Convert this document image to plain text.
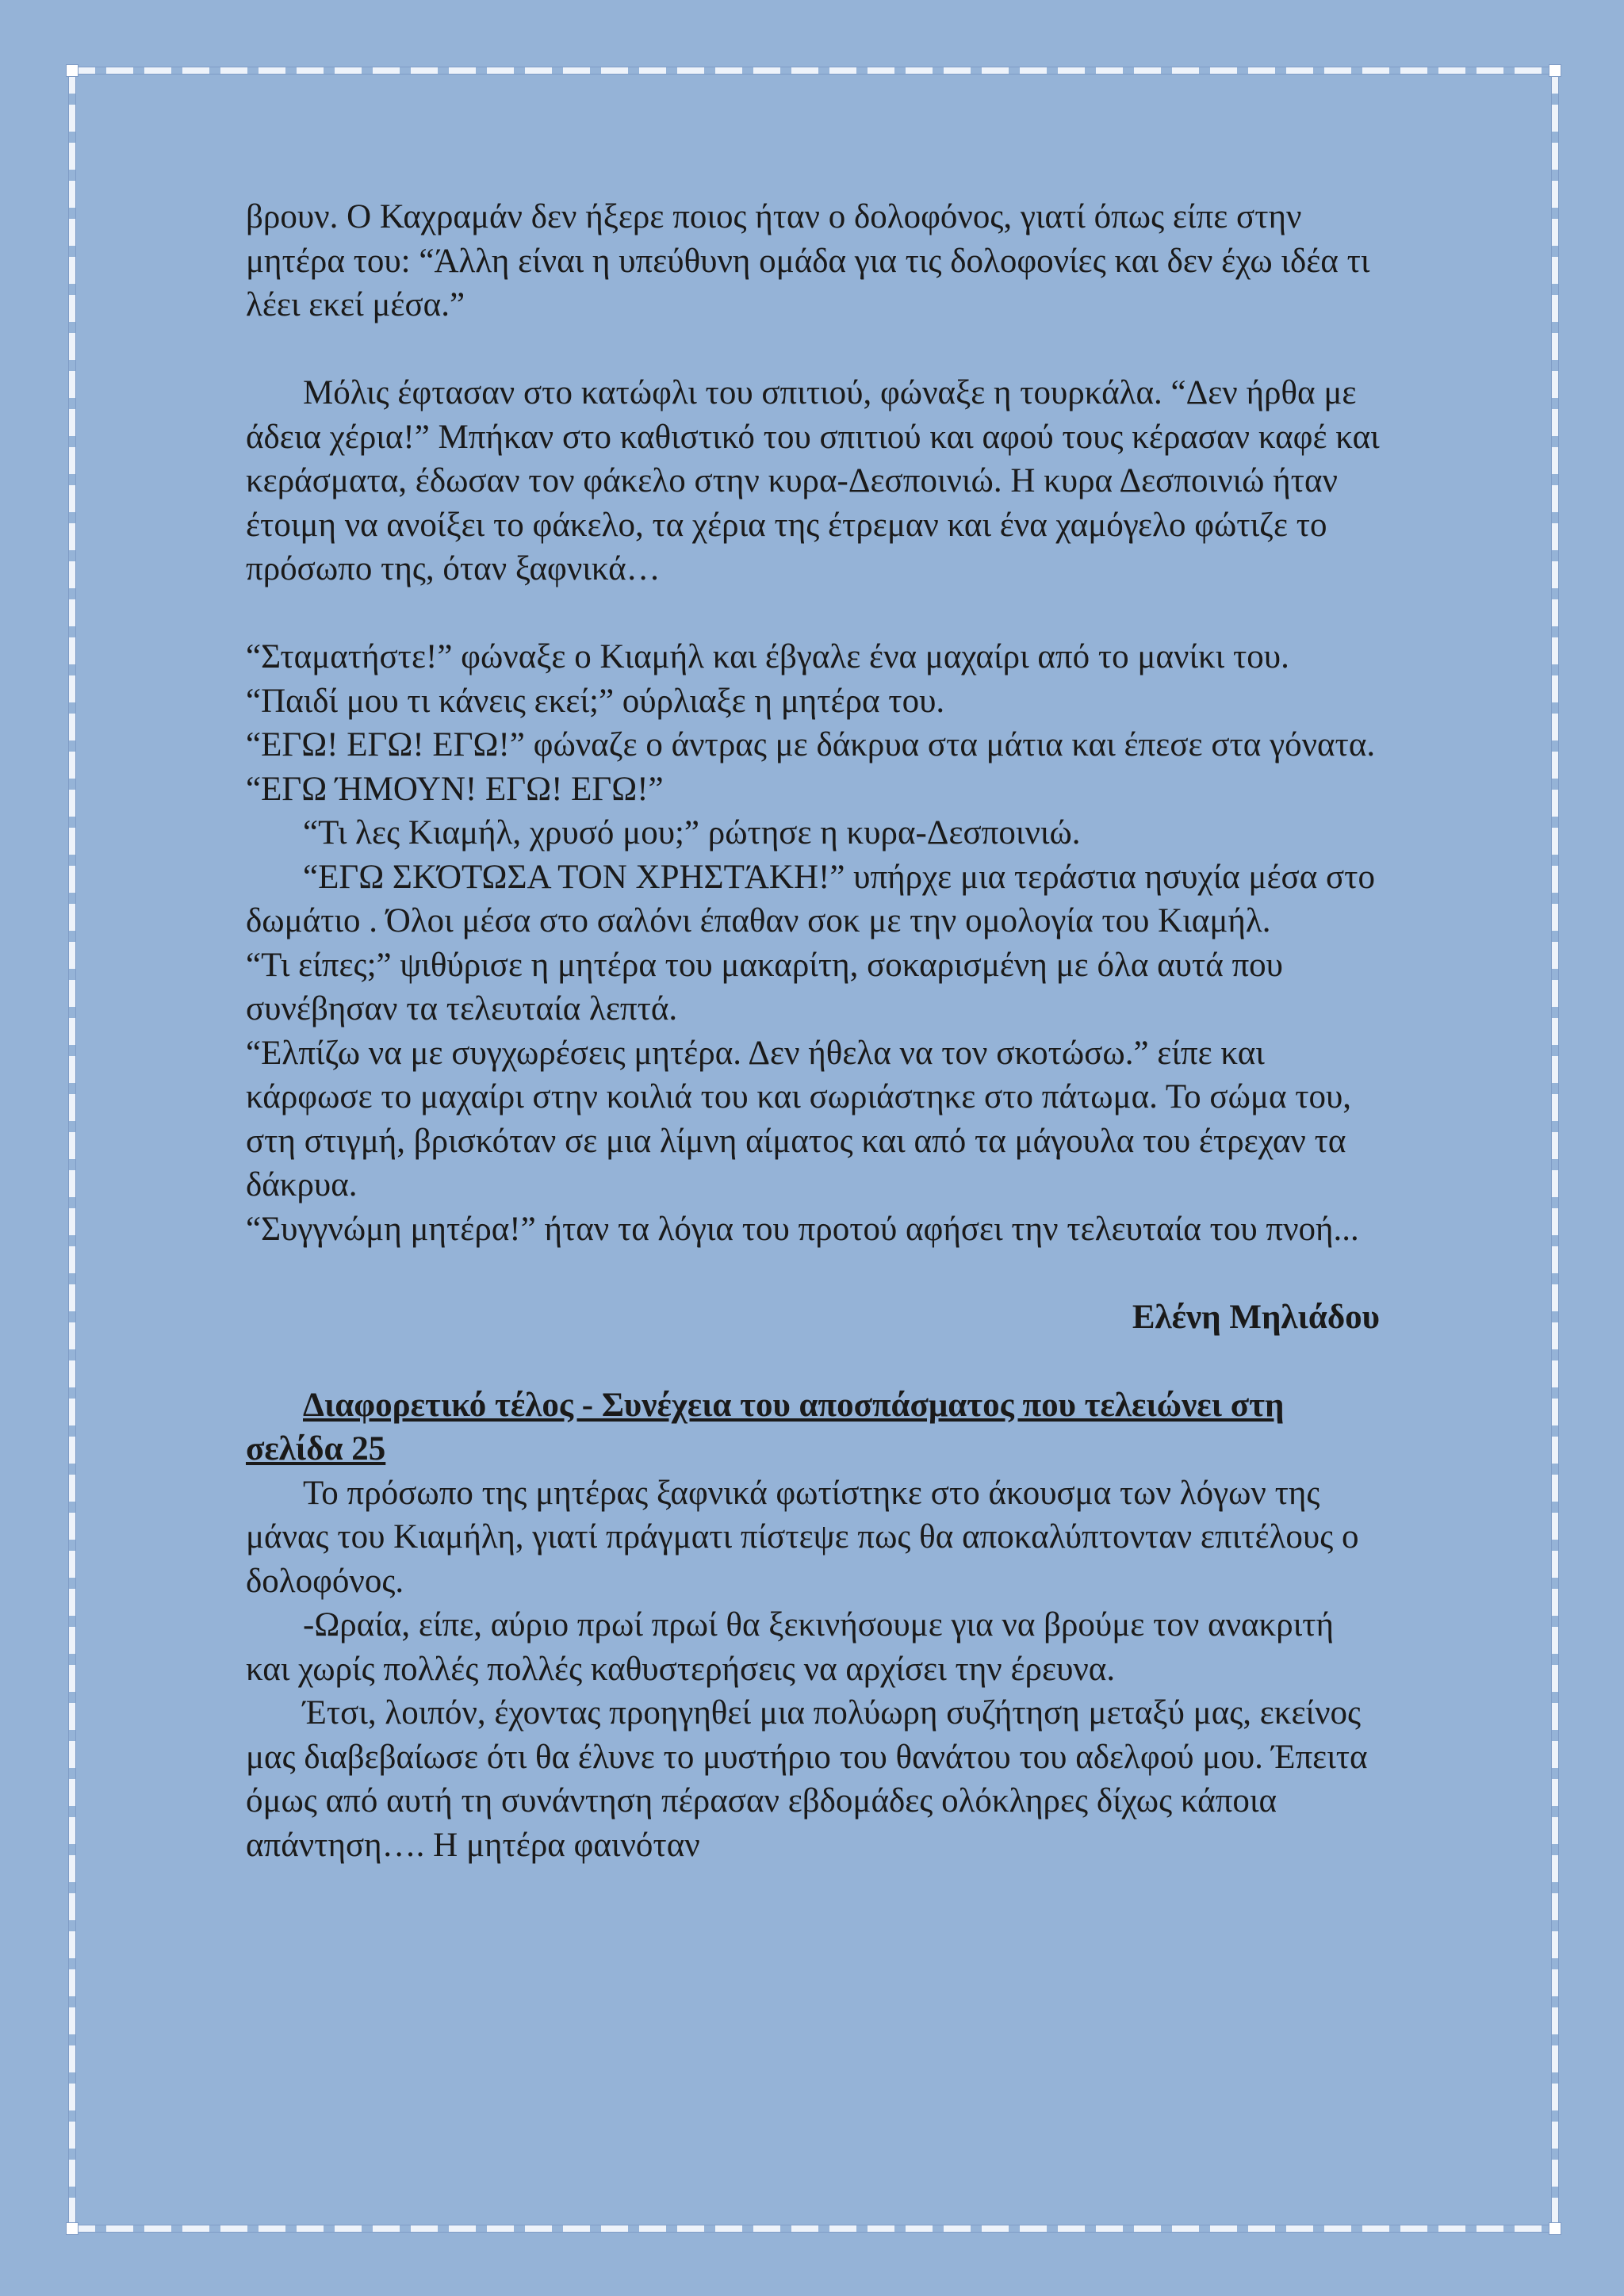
βρουν. Ο Καχραμάν δεν ήξερε ποιος ήταν ο δολοφόνος, γιατί όπως είπε στην μητέρα του: “Άλλη είναι η υπεύθυνη ομάδα για τις δολοφονίες και δεν έχω ιδέα τι λέει εκεί μέσα.”

Μόλις έφτασαν στο κατώφλι του σπιτιού, φώναξε η τουρκάλα. “Δεν ήρθα με άδεια χέρια!” Μπήκαν στο καθιστικό του σπιτιού και αφού τους κέρασαν καφέ και κεράσματα, έδωσαν τον φάκελο στην κυρα-Δεσποινιώ. Η κυρα Δεσποινιώ ήταν έτοιμη να ανοίξει το φάκελο, τα χέρια της έτρεμαν και ένα χαμόγελο φώτιζε το πρόσωπο της, όταν ξαφνικά…

“Σταματήστε!” φώναξε ο Κιαμήλ και έβγαλε ένα μαχαίρι από το μανίκι του.

“Παιδί μου τι κάνεις εκεί;” ούρλιαξε η μητέρα του.

“ΕΓΩ! ΕΓΩ! ΕΓΩ!” φώναζε ο άντρας με δάκρυα στα μάτια και έπεσε στα γόνατα.

“ΕΓΩ ΉΜΟΥΝ! ΕΓΩ! ΕΓΩ!”

“Τι λες Κιαμήλ, χρυσό μου;” ρώτησε η κυρα-Δεσποινιώ.

“ΕΓΩ ΣΚΌΤΩΣΑ ΤΟΝ ΧΡΗΣΤΆΚΗ!” υπήρχε μια τεράστια ησυχία μέσα στο δωμάτιο . Όλοι μέσα στο σαλόνι έπαθαν σοκ με την ομολογία του Κιαμήλ.

“Τι είπες;” ψιθύρισε η μητέρα του μακαρίτη, σοκαρισμένη με όλα αυτά που συνέβησαν τα τελευταία λεπτά.

“Ελπίζω να με συγχωρέσεις μητέρα. Δεν ήθελα να τον σκοτώσω.” είπε και κάρφωσε το μαχαίρι στην κοιλιά του και σωριάστηκε στο πάτωμα. Το σώμα του, στη στιγμή, βρισκόταν σε μια λίμνη αίματος και από τα μάγουλα του έτρεχαν τα δάκρυα.

“Συγγνώμη μητέρα!” ήταν τα λόγια του προτού αφήσει την τελευταία του πνοή...

Ελένη Μηλιάδου

Διαφορετικό τέλος - Συνέχεια του αποσπάσματος που τελειώνει στη σελίδα 25

Το πρόσωπο της μητέρας ξαφνικά φωτίστηκε στο άκουσμα των λόγων της μάνας του Κιαμήλη, γιατί πράγματι πίστεψε πως θα αποκαλύπτονταν επιτέλους ο δολοφόνος.

-Ωραία, είπε, αύριο πρωί πρωί θα ξεκινήσουμε για να βρούμε τον ανακριτή και χωρίς πολλές πολλές καθυστερήσεις να αρχίσει την έρευνα.

Έτσι, λοιπόν, έχοντας προηγηθεί μια πολύωρη συζήτηση μεταξύ μας, εκείνος μας διαβεβαίωσε ότι θα έλυνε το μυστήριο του θανάτου του αδελφού μου. Έπειτα όμως από αυτή τη συνάντηση πέρασαν εβδομάδες ολόκληρες δίχως κάποια απάντηση…. Η μητέρα φαινόταν
